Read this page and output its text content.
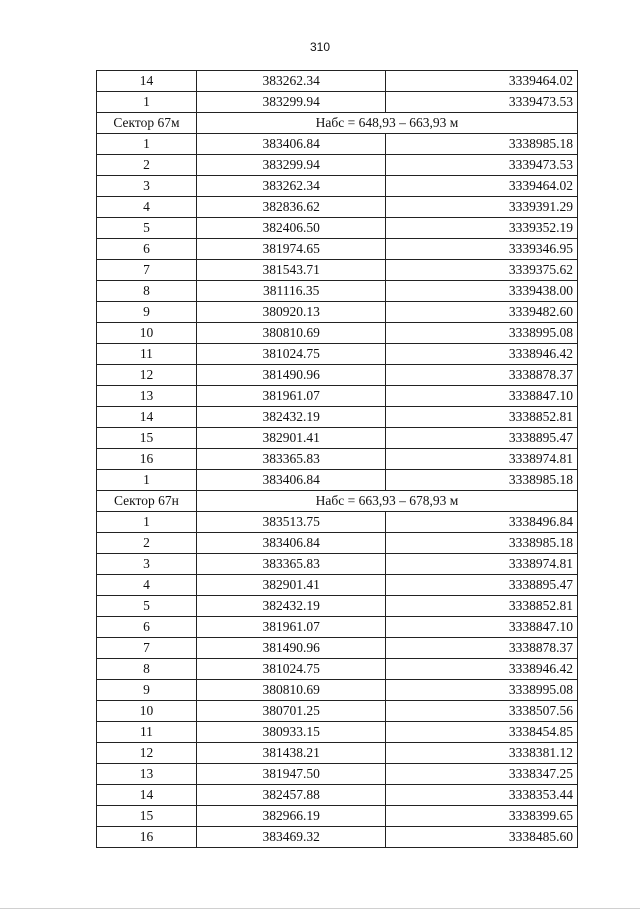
310
14	383262.34	3339464.02
1	383299.94	3339473.53
Сектор 67м	Набс = 648,93 – 663,93 м	
1	383406.84	3338985.18
2	383299.94	3339473.53
3	383262.34	3339464.02
4	382836.62	3339391.29
5	382406.50	3339352.19
6	381974.65	3339346.95
7	381543.71	3339375.62
8	381116.35	3339438.00
9	380920.13	3339482.60
10	380810.69	3338995.08
11	381024.75	3338946.42
12	381490.96	3338878.37
13	381961.07	3338847.10
14	382432.19	3338852.81
15	382901.41	3338895.47
16	383365.83	3338974.81
1	383406.84	3338985.18
Сектор 67н	Набс = 663,93 – 678,93 м	
1	383513.75	3338496.84
2	383406.84	3338985.18
3	383365.83	3338974.81
4	382901.41	3338895.47
5	382432.19	3338852.81
6	381961.07	3338847.10
7	381490.96	3338878.37
8	381024.75	3338946.42
9	380810.69	3338995.08
10	380701.25	3338507.56
11	380933.15	3338454.85
12	381438.21	3338381.12
13	381947.50	3338347.25
14	382457.88	3338353.44
15	382966.19	3338399.65
16	383469.32	3338485.60
